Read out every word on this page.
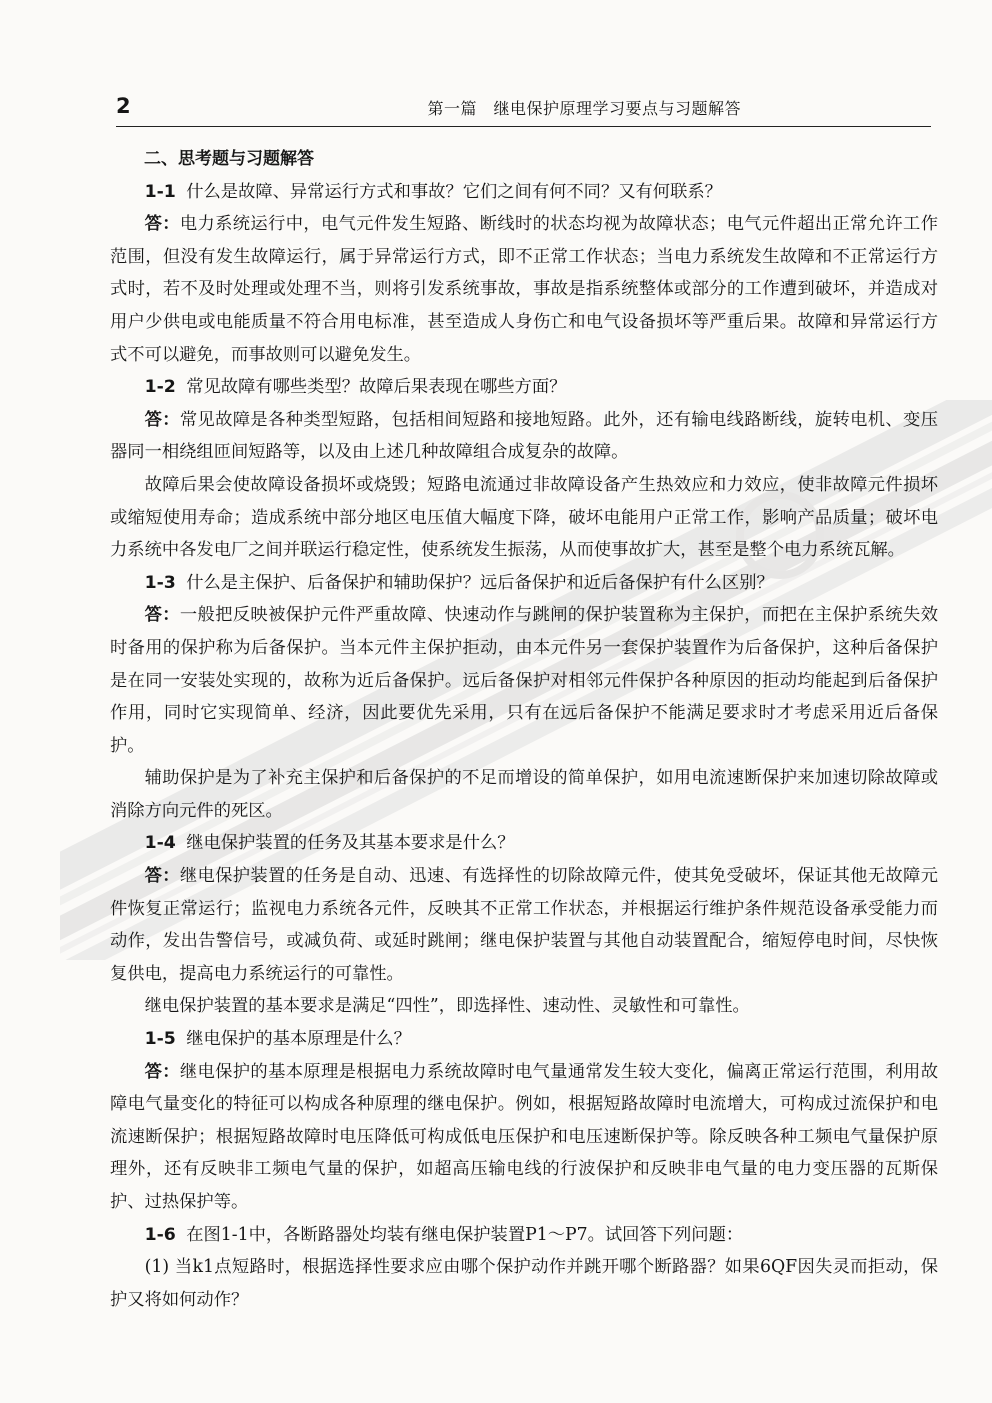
2	第一篇　继电保护原理学习要点与习题解答

二、思考题与习题解答

1-1 什么是故障、异常运行方式和事故？它们之间有何不同？又有何联系？

答：电力系统运行中，电气元件发生短路、断线时的状态均视为故障状态；电气元件超出正常允许工作范围，但没有发生故障运行，属于异常运行方式，即不正常工作状态；当电力系统发生故障和不正常运行方式时，若不及时处理或处理不当，则将引发系统事故，事故是指系统整体或部分的工作遭到破坏，并造成对用户少供电或电能质量不符合用电标准，甚至造成人身伤亡和电气设备损坏等严重后果。故障和异常运行方式不可以避免，而事故则可以避免发生。

1-2 常见故障有哪些类型？故障后果表现在哪些方面？

答：常见故障是各种类型短路，包括相间短路和接地短路。此外，还有输电线路断线，旋转电机、变压器同一相绕组匝间短路等，以及由上述几种故障组合成复杂的故障。

故障后果会使故障设备损坏或烧毁；短路电流通过非故障设备产生热效应和力效应，使非故障元件损坏或缩短使用寿命；造成系统中部分地区电压值大幅度下降，破坏电能用户正常工作，影响产品质量；破坏电力系统中各发电厂之间并联运行稳定性，使系统发生振荡，从而使事故扩大，甚至是整个电力系统瓦解。

1-3 什么是主保护、后备保护和辅助保护？远后备保护和近后备保护有什么区别？

答：一般把反映被保护元件严重故障、快速动作与跳闸的保护装置称为主保护，而把在主保护系统失效时备用的保护称为后备保护。当本元件主保护拒动，由本元件另一套保护装置作为后备保护，这种后备保护是在同一安装处实现的，故称为近后备保护。远后备保护对相邻元件保护各种原因的拒动均能起到后备保护作用，同时它实现简单、经济，因此要优先采用，只有在远后备保护不能满足要求时才考虑采用近后备保护。

辅助保护是为了补充主保护和后备保护的不足而增设的简单保护，如用电流速断保护来加速切除故障或消除方向元件的死区。

1-4 继电保护装置的任务及其基本要求是什么？

答：继电保护装置的任务是自动、迅速、有选择性的切除故障元件，使其免受破坏，保证其他无故障元件恢复正常运行；监视电力系统各元件，反映其不正常工作状态，并根据运行维护条件规范设备承受能力而动作，发出告警信号，或减负荷、或延时跳闸；继电保护装置与其他自动装置配合，缩短停电时间，尽快恢复供电，提高电力系统运行的可靠性。

继电保护装置的基本要求是满足“四性”，即选择性、速动性、灵敏性和可靠性。

1-5 继电保护的基本原理是什么？

答：继电保护的基本原理是根据电力系统故障时电气量通常发生较大变化，偏离正常运行范围，利用故障电气量变化的特征可以构成各种原理的继电保护。例如，根据短路故障时电流增大，可构成过流保护和电流速断保护；根据短路故障时电压降低可构成低电压保护和电压速断保护等。除反映各种工频电气量保护原理外，还有反映非工频电气量的保护，如超高压输电线的行波保护和反映非电气量的电力变压器的瓦斯保护、过热保护等。

1-6 在图1-1中，各断路器处均装有继电保护装置P1～P7。试回答下列问题：

(1) 当k1点短路时，根据选择性要求应由哪个保护动作并跳开哪个断路器？如果6QF因失灵而拒动，保护又将如何动作？
